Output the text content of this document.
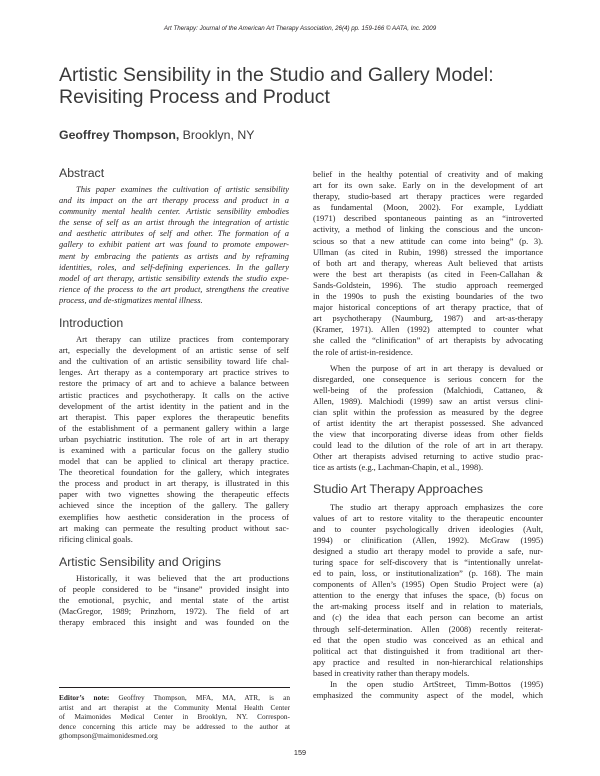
Art Therapy: Journal of the American Art Therapy Association, 26(4) pp. 159-166 © AATA, Inc. 2009
Artistic Sensibility in the Studio and Gallery Model:
Revisiting Process and Product

Geoffrey Thompson, Brooklyn, NY

Abstract
This paper examines the cultivation of artistic sensibility
and its impact on the art therapy process and product in a
community mental health center. Artistic sensibility embodies
the sense of self as an artist through the integration of artistic
and aesthetic attributes of self and other. The formation of a
gallery to exhibit patient art was found to promote empower-
ment by embracing the patients as artists and by reframing
identities, roles, and self-defining experiences. In the gallery
model of art therapy, artistic sensibility extends the studio expe-
rience of the process to the art product, strengthens the creative
process, and de-stigmatizes mental illness.
Introduction
Art therapy can utilize practices from contemporary
art, especially the development of an artistic sense of self
and the cultivation of an artistic sensibility toward life chal-
lenges. Art therapy as a contemporary art practice strives to
restore the primacy of art and to achieve a balance between
artistic practices and psychotherapy. It calls on the active
development of the artist identity in the patient and in the
art therapist. This paper explores the therapeutic benefits
of the establishment of a permanent gallery within a large
urban psychiatric institution. The role of art in art therapy
is examined with a particular focus on the gallery studio
model that can be applied to clinical art therapy practice.
The theoretical foundation for the gallery, which integrates
the process and product in art therapy, is illustrated in this
paper with two vignettes showing the therapeutic effects
achieved since the inception of the gallery. The gallery
exemplifies how aesthetic consideration in the process of
art making can permeate the resulting product without sac-
rificing clinical goals.
Artistic Sensibility and Origins
Historically, it was believed that the art productions
of people considered to be “insane” provided insight into
the emotional, psychic, and mental state of the artist
(MacGregor, 1989; Prinzhorn, 1972). The field of art
therapy embraced this insight and was founded on the
belief in the healthy potential of creativity and of making
art for its own sake. Early on in the development of art
therapy, studio-based art therapy practices were regarded
as fundamental (Moon, 2002). For example, Lyddiatt
(1971) described spontaneous painting as an “introverted
activity, a method of linking the conscious and the uncon-
scious so that a new attitude can come into being” (p. 3).
Ullman (as cited in Rubin, 1998) stressed the importance
of both art and therapy, whereas Ault believed that artists
were the best art therapists (as cited in Feen-Callahan &
Sands-Goldstein, 1996). The studio approach reemerged
in the 1990s to push the existing boundaries of the two
major historical conceptions of art therapy practice, that of
art psychotherapy (Naumburg, 1987) and art-as-therapy
(Kramer, 1971). Allen (1992) attempted to counter what
she called the “clinification” of art therapists by advocating
the role of artist-in-residence.
When the purpose of art in art therapy is devalued or
disregarded, one consequence is serious concern for the
well-being of the profession (Malchiodi, Cattaneo, &
Allen, 1989). Malchiodi (1999) saw an artist versus clini-
cian split within the profession as measured by the degree
of artist identity the art therapist possessed. She advanced
the view that incorporating diverse ideas from other fields
could lead to the dilution of the role of art in art therapy.
Other art therapists advised returning to active studio prac-
tice as artists (e.g., Lachman-Chapin, et al., 1998).
Studio Art Therapy Approaches
The studio art therapy approach emphasizes the core
values of art to restore vitality to the therapeutic encounter
and to counter psychologically driven ideologies (Ault,
1994) or clinification (Allen, 1992). McGraw (1995)
designed a studio art therapy model to provide a safe, nur-
turing space for self-discovery that is “intentionally unrelat-
ed to pain, loss, or institutionalization” (p. 168). The main
components of Allen’s (1995) Open Studio Project were (a)
attention to the energy that infuses the space, (b) focus on
the art-making process itself and in relation to materials,
and (c) the idea that each person can become an artist
through self-determination. Allen (2008) recently reiterat-
ed that the open studio was conceived as an ethical and
political act that distinguished it from traditional art ther-
apy practice and resulted in non-hierarchical relationships
based in creativity rather than therapy models.
In the open studio ArtStreet, Timm-Bottos (1995)
emphasized the community aspect of the model, which
Editor’s note: Geoffrey Thompson, MFA, MA, ATR, is an
artist and art therapist at the Community Mental Health Center
of Maimonides Medical Center in Brooklyn, NY. Correspon-
dence concerning this article may be addressed to the author at
gthompson@maimonidesmed.org
159
